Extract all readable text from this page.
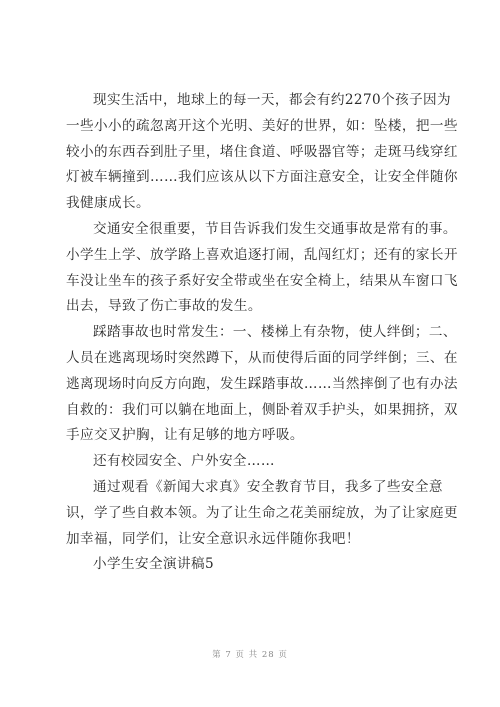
现实生活中，地球上的每一天，都会有约2270个孩子因为
一些小小的疏忽离开这个光明、美好的世界，如：坠楼，把一些
较小的东西吞到肚子里，堵住食道、呼吸器官等；走斑马线穿红
灯被车辆撞到……我们应该从以下方面注意安全，让安全伴随你
我健康成长。

交通安全很重要，节目告诉我们发生交通事故是常有的事。
小学生上学、放学路上喜欢追逐打闹，乱闯红灯；还有的家长开
车没让坐车的孩子系好安全带或坐在安全椅上，结果从车窗口飞
出去，导致了伤亡事故的发生。

踩踏事故也时常发生：一、楼梯上有杂物，使人绊倒；二、
人员在逃离现场时突然蹲下，从而使得后面的同学绊倒；三、在
逃离现场时向反方向跑，发生踩踏事故……当然摔倒了也有办法
自救的：我们可以躺在地面上，侧卧着双手护头，如果拥挤，双
手应交叉护胸，让有足够的地方呼吸。

还有校园安全、户外安全……

通过观看《新闻大求真》安全教育节目，我多了些安全意
识，学了些自救本领。为了让生命之花美丽绽放，为了让家庭更
加幸福，同学们，让安全意识永远伴随你我吧！

小学生安全演讲稿5

第 7 页 共 28 页
